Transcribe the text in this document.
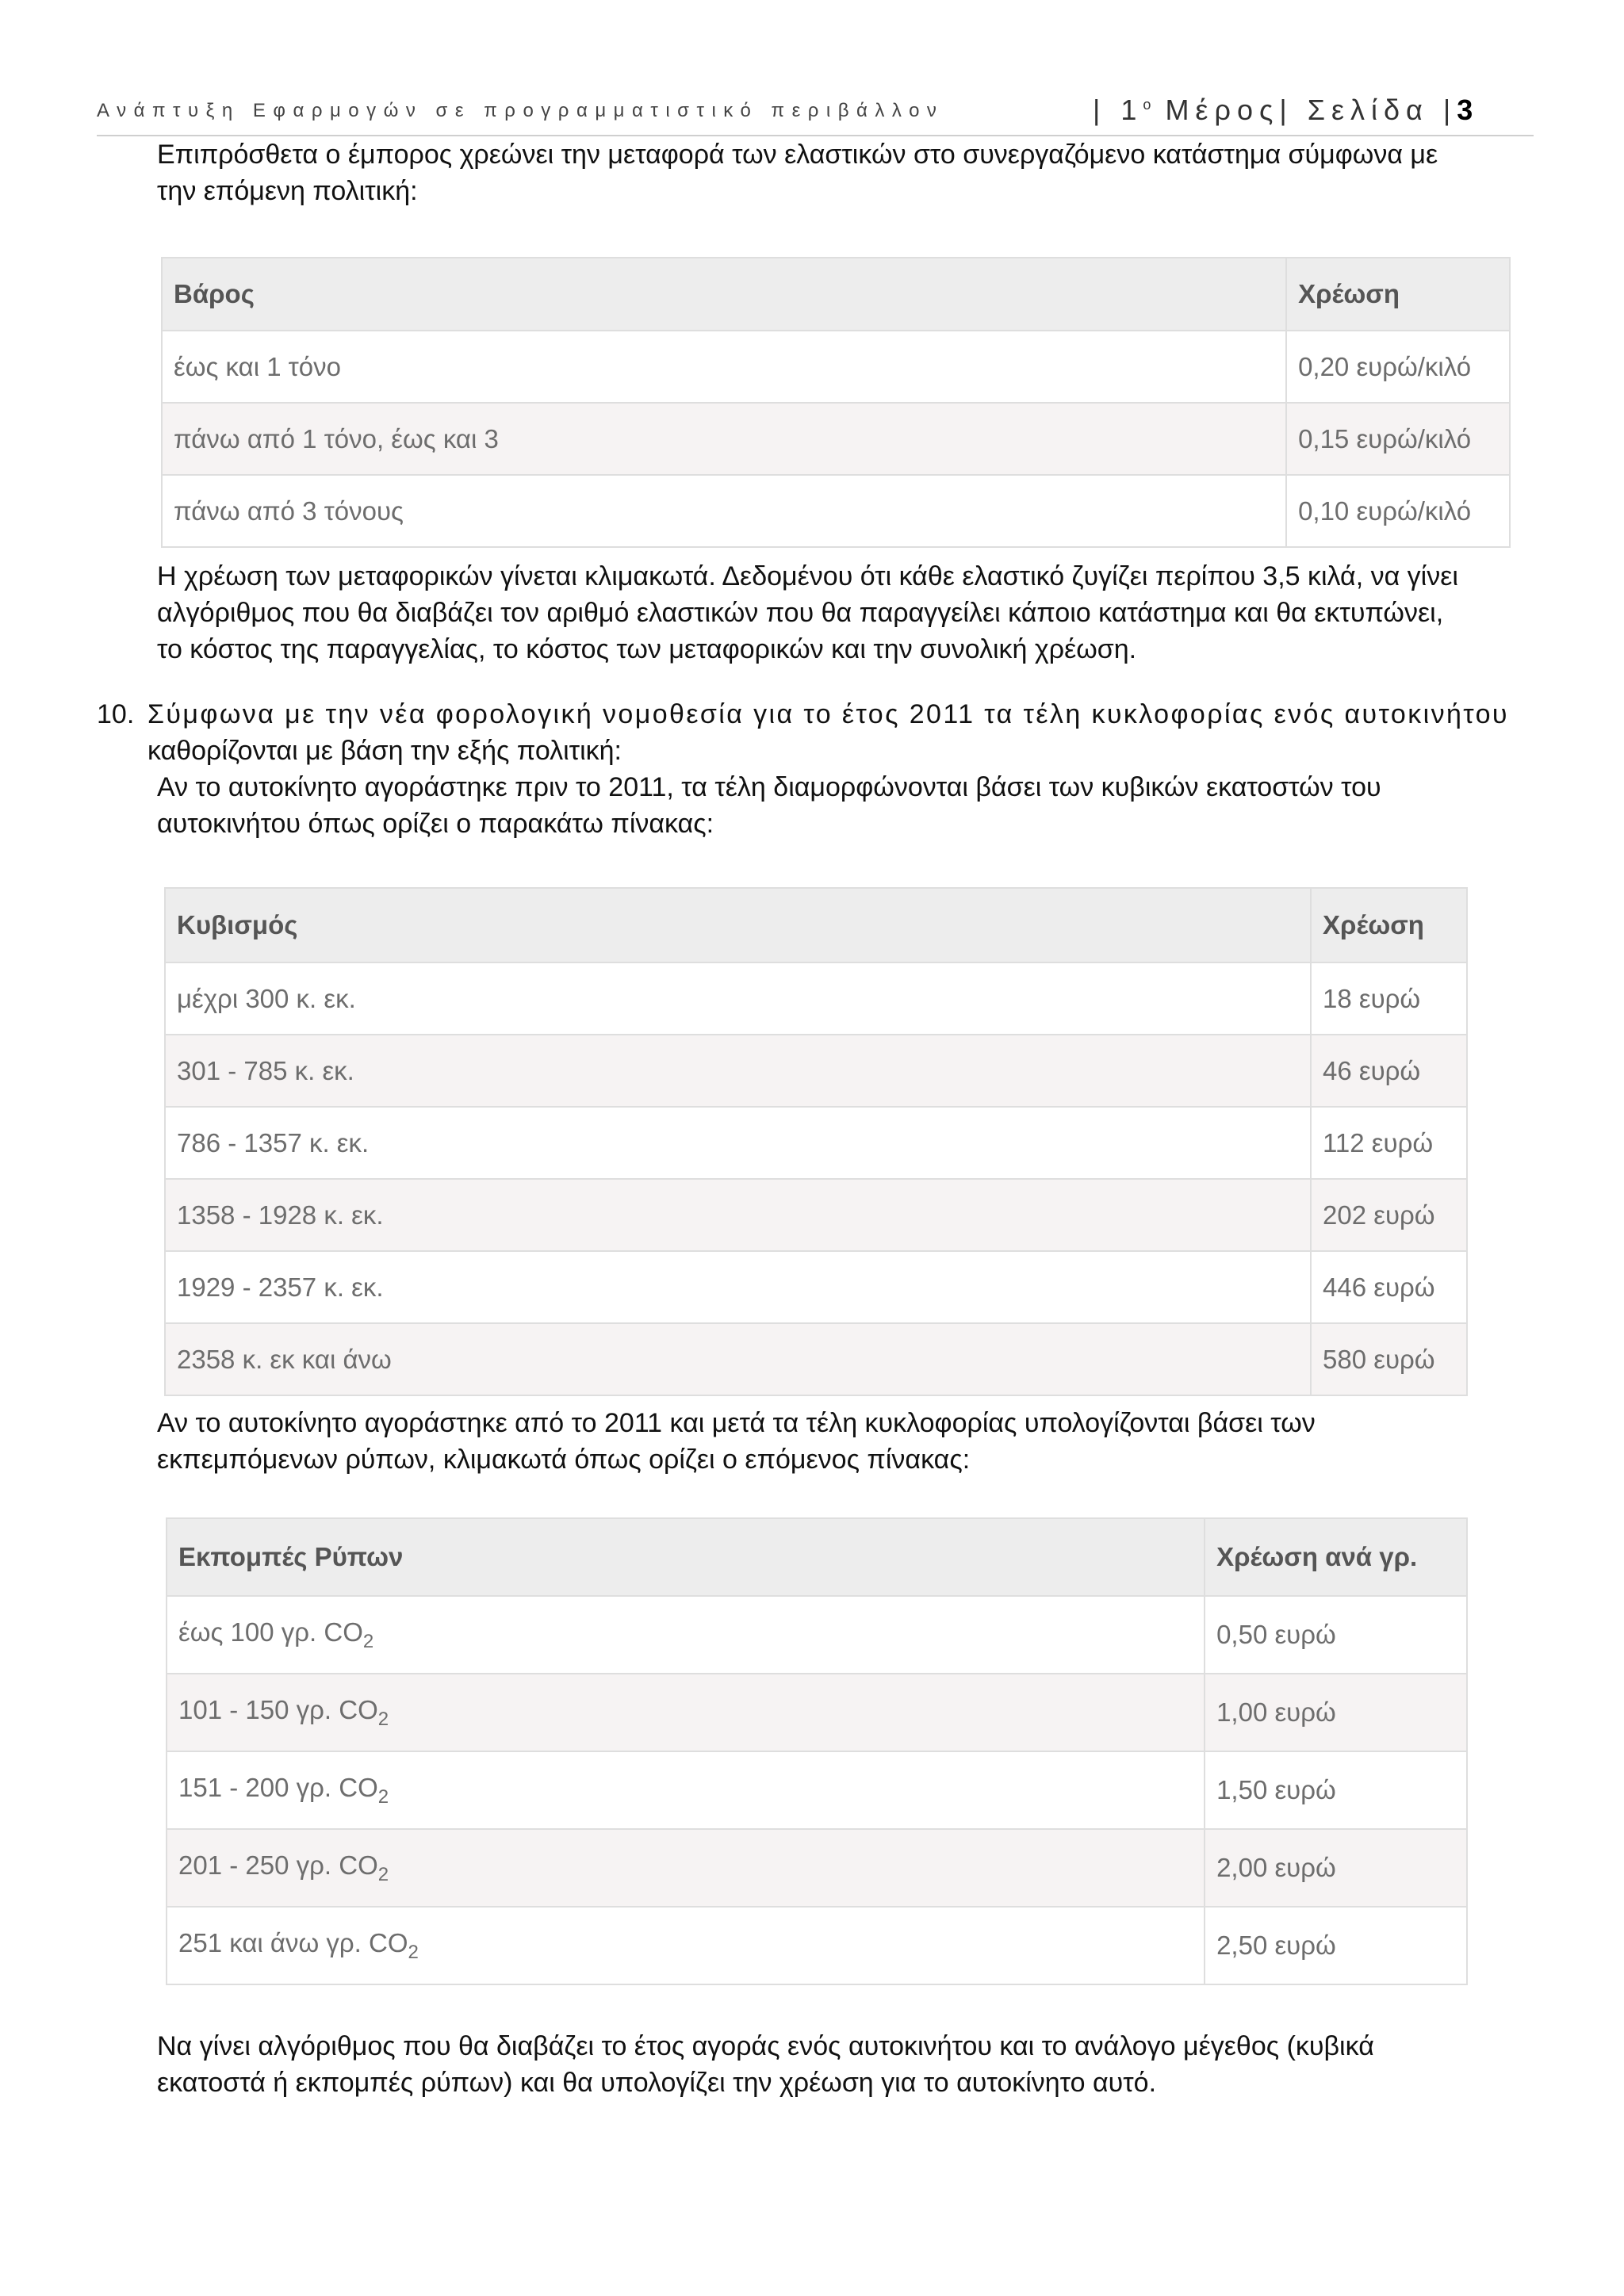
Ανάπτυξη Εφαρμογών σε προγραμματιστικό περιβάλλον	| $1^o$ Μέρος| Σελίδα |3
Επιπρόσθετα ο έμπορος χρεώνει την μεταφορά των ελαστικών στο συνεργαζόμενο κατάστημα σύμφωνα με
την επόμενη πολιτική:
Βάρος	Χρέωση
έως και 1 τόνο	0,20 ευρώ/κιλό
πάνω από 1 τόνο, έως και 3	0,15 ευρώ/κιλό
πάνω από 3 τόνους	0,10 ευρώ/κιλό
Η χρέωση των μεταφορικών γίνεται κλιμακωτά. Δεδομένου ότι κάθε ελαστικό ζυγίζει περίπου 3,5 κιλά, να γίνει
αλγόριθμος που θα διαβάζει τον αριθμό ελαστικών που θα παραγγείλει κάποιο κατάστημα και θα εκτυπώνει,
το κόστος της παραγγελίας, το κόστος των μεταφορικών και την συνολική χρέωση.
10. Σύμφωνα με την νέα φορολογική νομοθεσία για το έτος 2011 τα τέλη κυκλοφορίας ενός αυτοκινήτου
καθορίζονται με βάση την εξής πολιτική:
Αν το αυτοκίνητο αγοράστηκε πριν το 2011, τα τέλη διαμορφώνονται βάσει των κυβικών εκατοστών του
αυτοκινήτου όπως ορίζει ο παρακάτω πίνακας:
Κυβισμός	Χρέωση
μέχρι 300 κ. εκ.	18 ευρώ
301 - 785 κ. εκ.	46 ευρώ
786 - 1357 κ. εκ.	112 ευρώ
1358 - 1928 κ. εκ.	202 ευρώ
1929 - 2357 κ. εκ.	446 ευρώ
2358 κ. εκ και άνω	580 ευρώ
Αν το αυτοκίνητο αγοράστηκε από το 2011 και μετά τα τέλη κυκλοφορίας υπολογίζονται βάσει των
εκπεμπόμενων ρύπων, κλιμακωτά όπως ορίζει ο επόμενος πίνακας:
Εκπομπές Ρύπων	Χρέωση ανά γρ.
έως 100 γρ. $CO_2$	0,50 ευρώ
101 - 150 γρ. $CO_2$	1,00 ευρώ
151 - 200 γρ. $CO_2$	1,50 ευρώ
201 - 250 γρ. $CO_2$	2,00 ευρώ
251 και άνω γρ. $CO_2$	2,50 ευρώ
Να γίνει αλγόριθμος που θα διαβάζει το έτος αγοράς ενός αυτοκινήτου και το ανάλογο μέγεθος (κυβικά
εκατοστά ή εκπομπές ρύπων) και θα υπολογίζει την χρέωση για το αυτοκίνητο αυτό.
